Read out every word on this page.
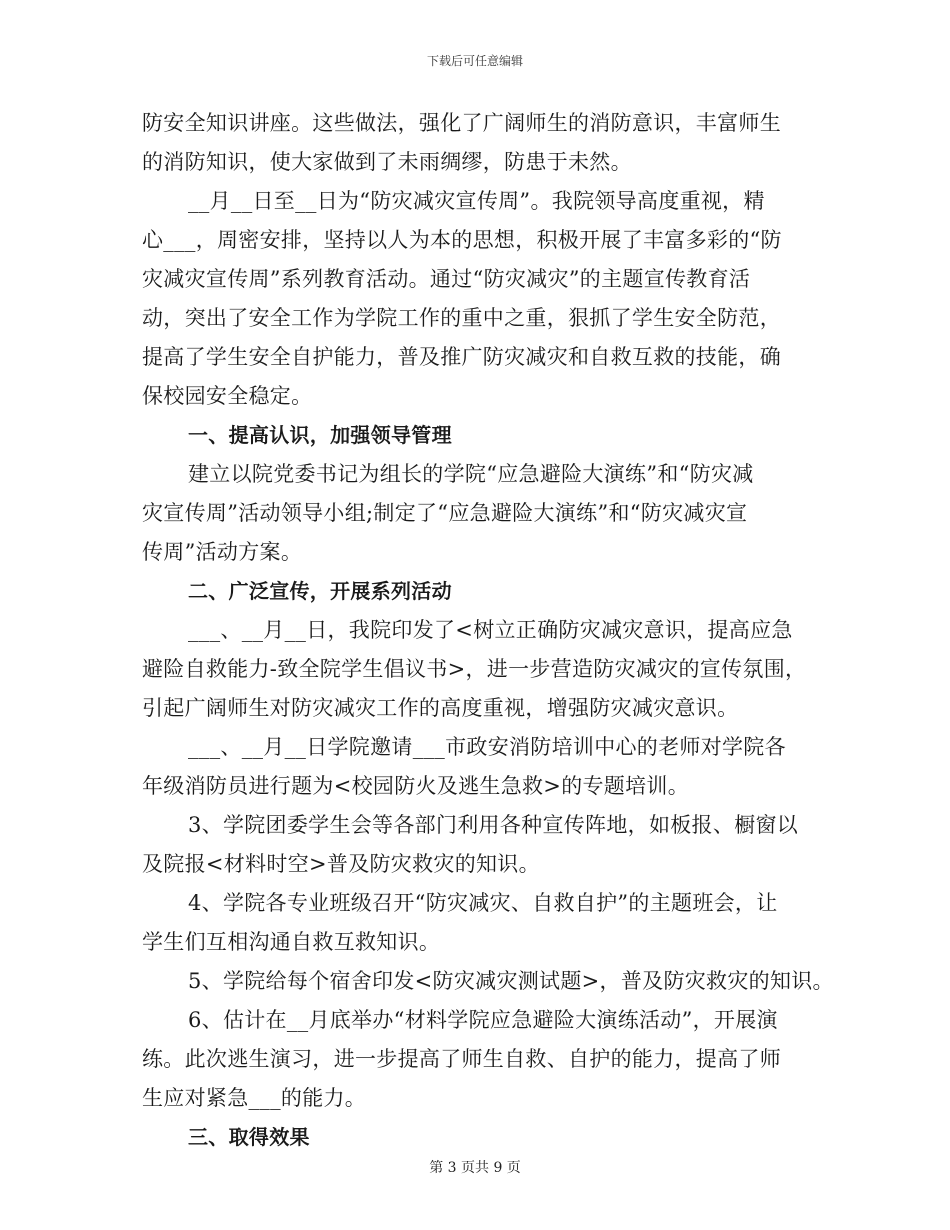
下载后可任意编辑
防安全知识讲座。这些做法，强化了广阔师生的消防意识，丰富师生
的消防知识，使大家做到了未雨绸缪，防患于未然。
__月__日至__日为“防灾减灾宣传周”。我院领导高度重视，精
心___，周密安排，坚持以人为本的思想，积极开展了丰富多彩的“防
灾减灾宣传周”系列教育活动。通过“防灾减灾”的主题宣传教育活
动，突出了安全工作为学院工作的重中之重，狠抓了学生安全防范，
提高了学生安全自护能力，普及推广防灾减灾和自救互救的技能，确
保校园安全稳定。
一、提高认识，加强领导管理
建立以院党委书记为组长的学院“应急避险大演练”和“防灾减
灾宣传周”活动领导小组;制定了“应急避险大演练”和“防灾减灾宣
传周”活动方案。
二、广泛宣传，开展系列活动
___、__月__日，我院印发了<树立正确防灾减灾意识，提高应急
避险自救能力-致全院学生倡议书>，进一步营造防灾减灾的宣传氛围，
引起广阔师生对防灾减灾工作的高度重视，增强防灾减灾意识。
___、__月__日学院邀请___市政安消防培训中心的老师对学院各
年级消防员进行题为<校园防火及逃生急救>的专题培训。
3、学院团委学生会等各部门利用各种宣传阵地，如板报、橱窗以
及院报<材料时空>普及防灾救灾的知识。
4、学院各专业班级召开“防灾减灾、自救自护”的主题班会，让
学生们互相沟通自救互救知识。
5、学院给每个宿舍印发<防灾减灾测试题>，普及防灾救灾的知识。
6、估计在__月底举办“材料学院应急避险大演练活动”，开展演
练。此次逃生演习，进一步提高了师生自救、自护的能力，提高了师
生应对紧急___的能力。
三、取得效果
第 3 页共 9 页
